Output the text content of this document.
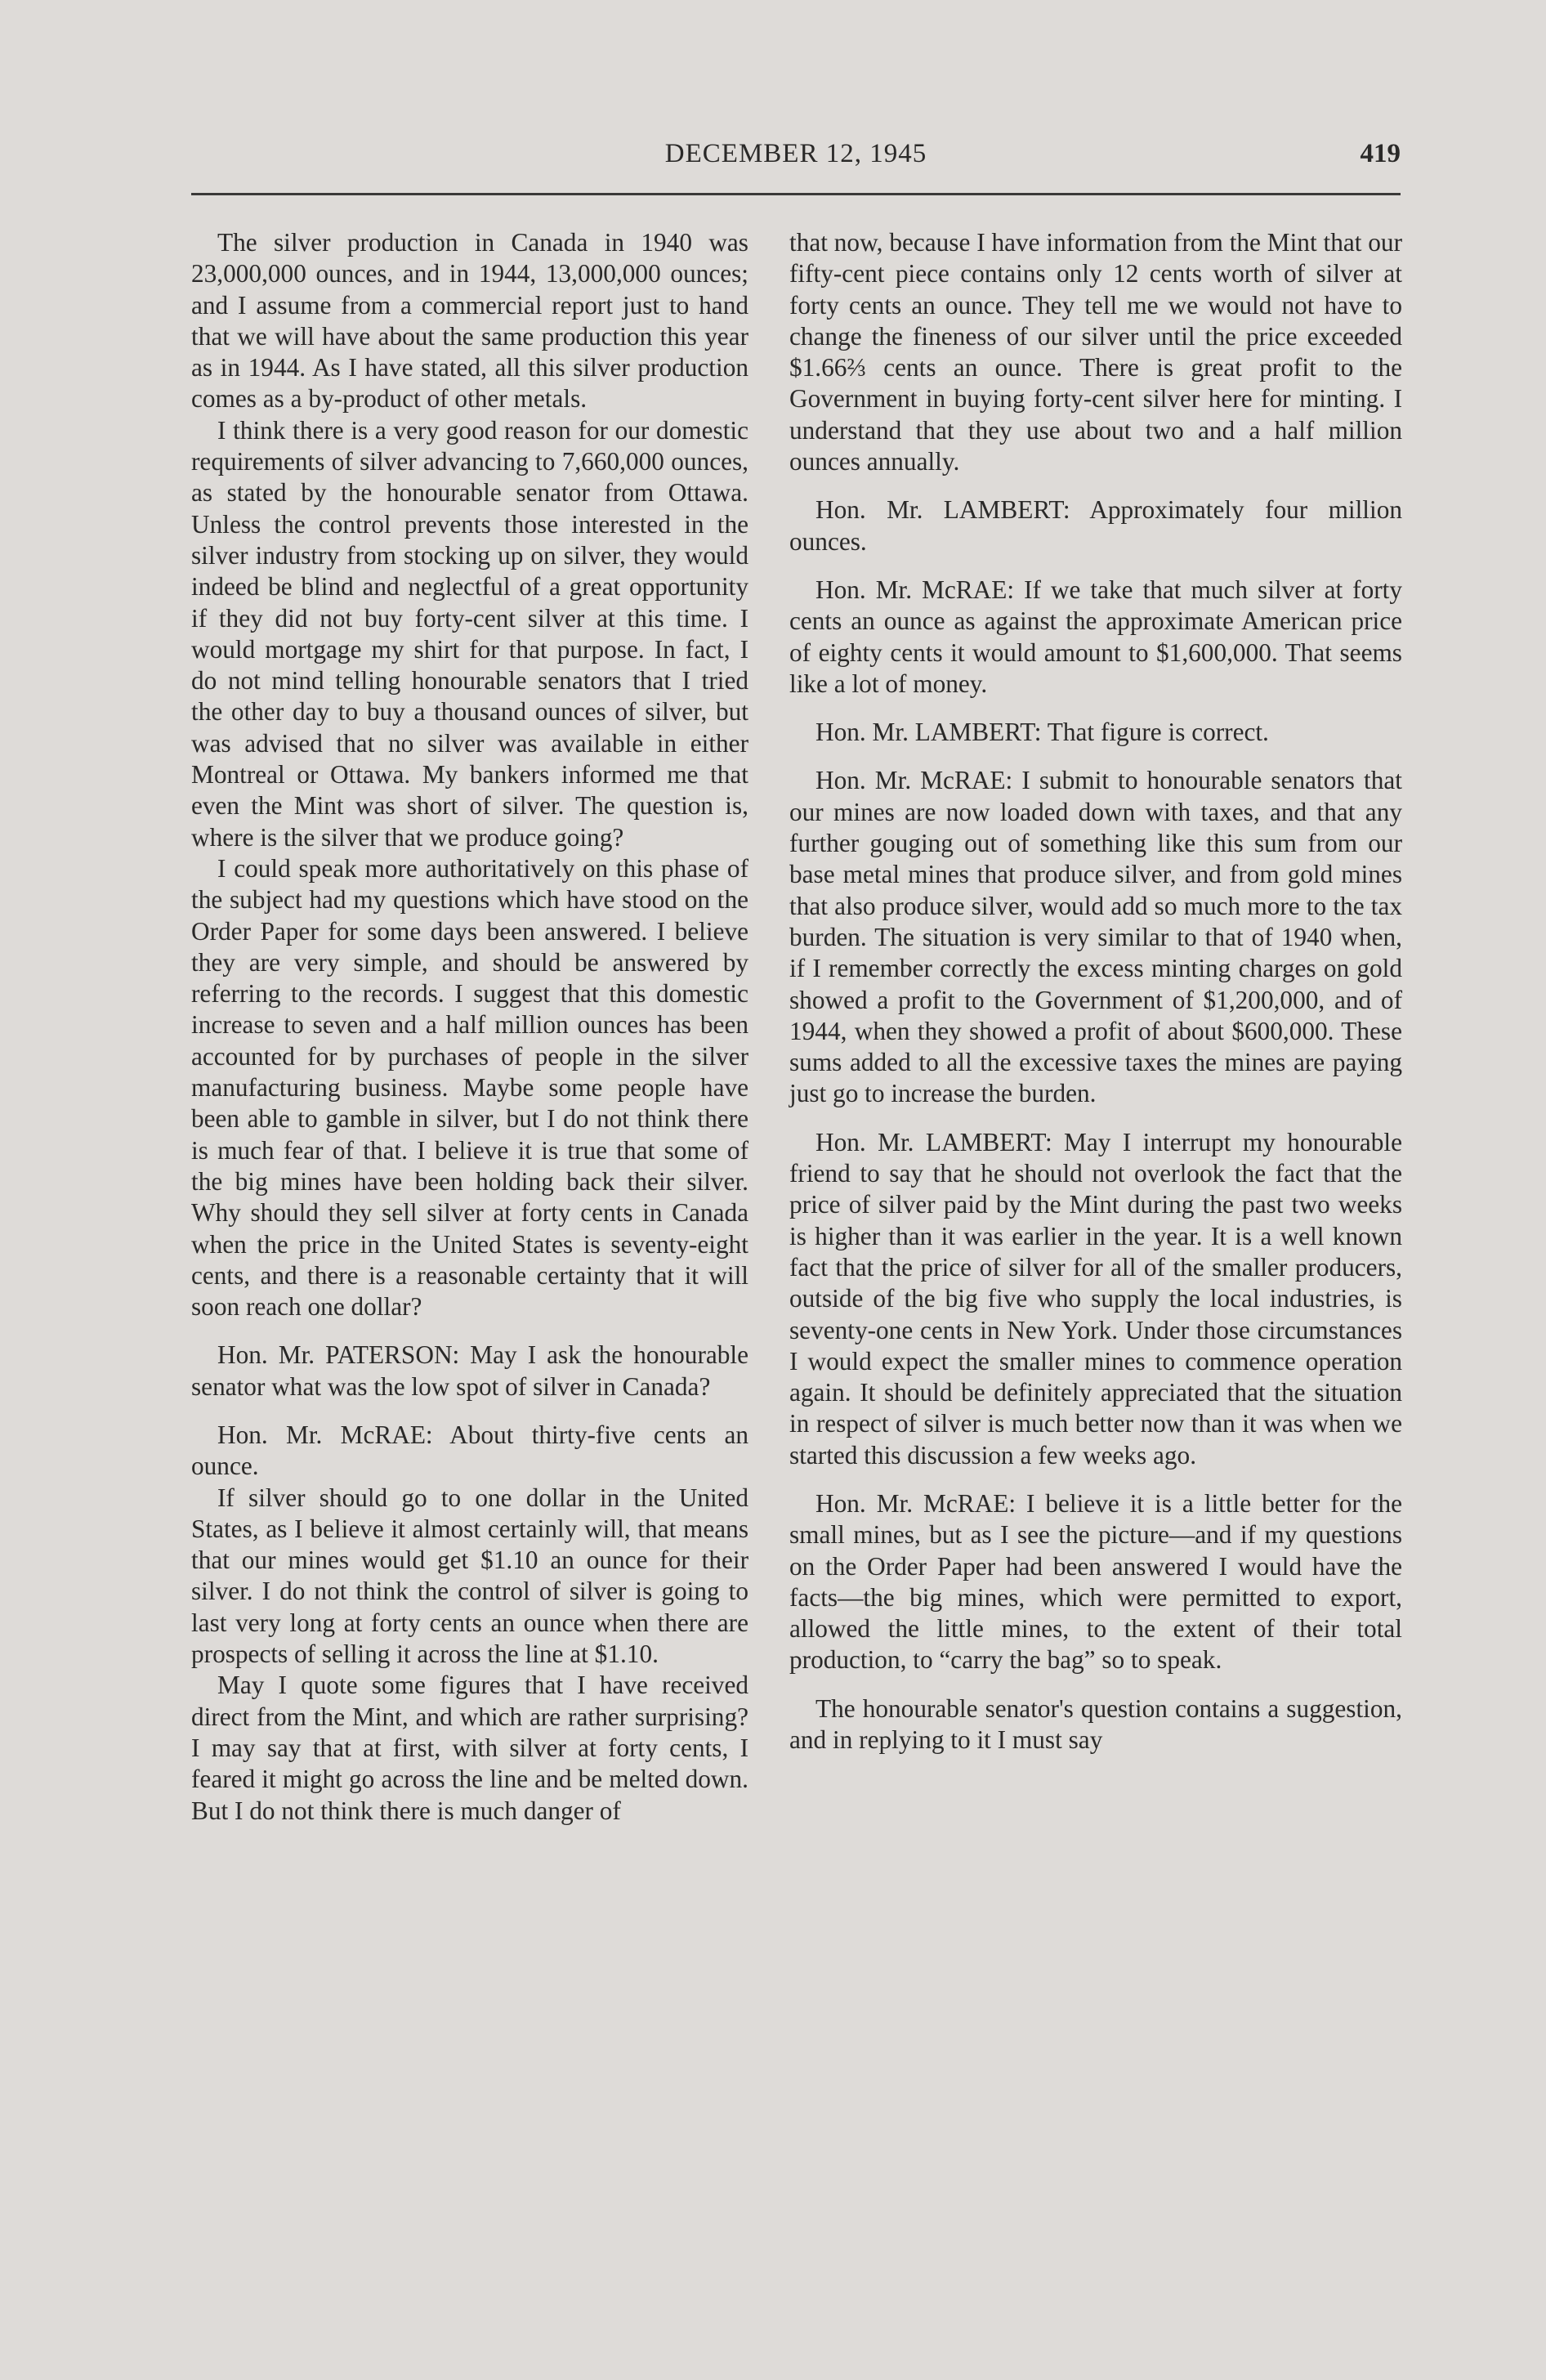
DECEMBER 12, 1945	419

The silver production in Canada in 1940 was 23,000,000 ounces, and in 1944, 13,000,000 ounces; and I assume from a commercial report just to hand that we will have about the same production this year as in 1944. As I have stated, all this silver production comes as a by-product of other metals.

I think there is a very good reason for our domestic requirements of silver advancing to 7,660,000 ounces, as stated by the honourable senator from Ottawa. Unless the control prevents those interested in the silver industry from stocking up on silver, they would indeed be blind and neglectful of a great opportunity if they did not buy forty-cent silver at this time. I would mortgage my shirt for that purpose. In fact, I do not mind telling honourable senators that I tried the other day to buy a thousand ounces of silver, but was advised that no silver was available in either Montreal or Ottawa. My bankers informed me that even the Mint was short of silver. The question is, where is the silver that we produce going?

I could speak more authoritatively on this phase of the subject had my questions which have stood on the Order Paper for some days been answered. I believe they are very simple, and should be answered by referring to the records. I suggest that this domestic increase to seven and a half million ounces has been accounted for by purchases of people in the silver manufacturing business. Maybe some people have been able to gamble in silver, but I do not think there is much fear of that. I believe it is true that some of the big mines have been holding back their silver. Why should they sell silver at forty cents in Canada when the price in the United States is seventy-eight cents, and there is a reasonable certainty that it will soon reach one dollar?

Hon. Mr. PATERSON: May I ask the honourable senator what was the low spot of silver in Canada?

Hon. Mr. McRAE: About thirty-five cents an ounce.

If silver should go to one dollar in the United States, as I believe it almost certainly will, that means that our mines would get $1.10 an ounce for their silver. I do not think the control of silver is going to last very long at forty cents an ounce when there are prospects of selling it across the line at $1.10.

May I quote some figures that I have received direct from the Mint, and which are rather surprising? I may say that at first, with silver at forty cents, I feared it might go across the line and be melted down. But I do not think there is much danger of

that now, because I have information from the Mint that our fifty-cent piece contains only 12 cents worth of silver at forty cents an ounce. They tell me we would not have to change the fineness of our silver until the price exceeded $1.66⅔ cents an ounce. There is great profit to the Government in buying forty-cent silver here for minting. I understand that they use about two and a half million ounces annually.

Hon. Mr. LAMBERT: Approximately four million ounces.

Hon. Mr. McRAE: If we take that much silver at forty cents an ounce as against the approximate American price of eighty cents it would amount to $1,600,000. That seems like a lot of money.

Hon. Mr. LAMBERT: That figure is correct.

Hon. Mr. McRAE: I submit to honourable senators that our mines are now loaded down with taxes, and that any further gouging out of something like this sum from our base metal mines that produce silver, and from gold mines that also produce silver, would add so much more to the tax burden. The situation is very similar to that of 1940 when, if I remember correctly the excess minting charges on gold showed a profit to the Government of $1,200,000, and of 1944, when they showed a profit of about $600,000. These sums added to all the excessive taxes the mines are paying just go to increase the burden.

Hon. Mr. LAMBERT: May I interrupt my honourable friend to say that he should not overlook the fact that the price of silver paid by the Mint during the past two weeks is higher than it was earlier in the year. It is a well known fact that the price of silver for all of the smaller producers, outside of the big five who supply the local industries, is seventy-one cents in New York. Under those circumstances I would expect the smaller mines to commence operation again. It should be definitely appreciated that the situation in respect of silver is much better now than it was when we started this discussion a few weeks ago.

Hon. Mr. McRAE: I believe it is a little better for the small mines, but as I see the picture—and if my questions on the Order Paper had been answered I would have the facts—the big mines, which were permitted to export, allowed the little mines, to the extent of their total production, to “carry the bag” so to speak.

The honourable senator's question contains a suggestion, and in replying to it I must say
